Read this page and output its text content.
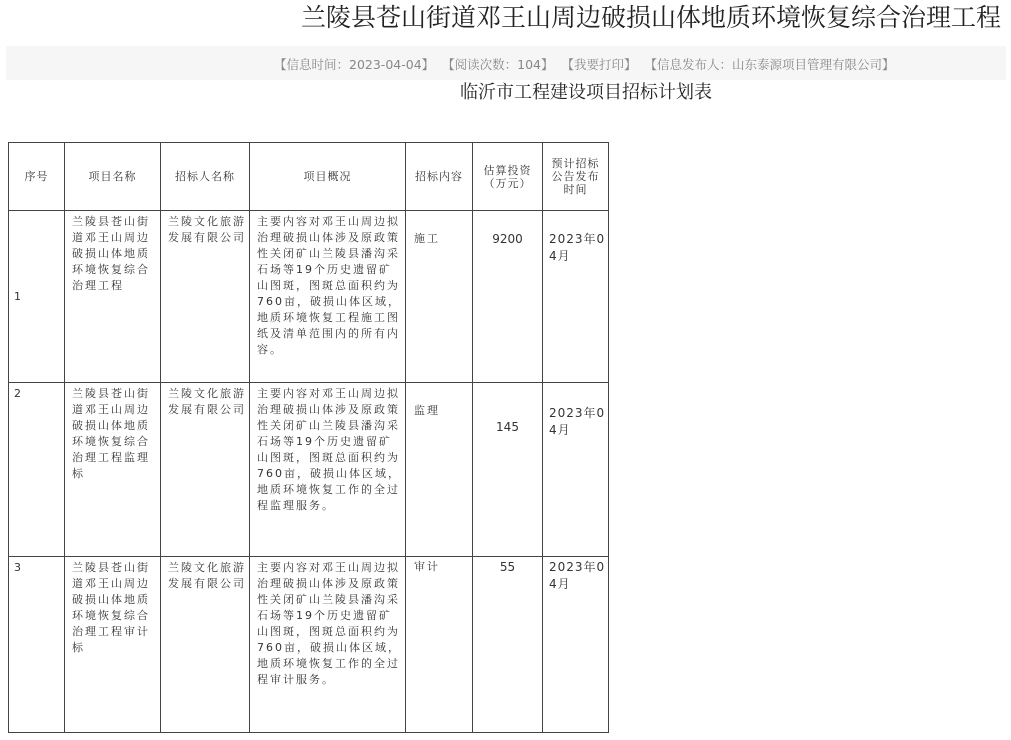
兰陵县苍山街道邓王山周边破损山体地质环境恢复综合治理工程
【信息时间：2023-04-04】 【阅读次数：104】 【我要打印】 【信息发布人：山东泰源项目管理有限公司】
临沂市工程建设项目招标计划表
序号	项目名称	招标人名称	项目概况	招标内容	估算投资（万元）	预计招标公告发布时间

1	兰陵县苍山街道邓王山周边破损山体地质环境恢复综合治理工程	兰陵文化旅游发展有限公司	主要内容对邓王山周边拟治理破损山体涉及原政策性关闭矿山兰陵县潘沟采石场等19个历史遗留矿山图斑，图斑总面积约为760亩，破损山体区域，地质环境恢复工程施工图纸及清单范围内的所有内容。	施工	9200	2023年04月

2	兰陵县苍山街道邓王山周边破损山体地质环境恢复综合治理工程监理标	兰陵文化旅游发展有限公司	主要内容对邓王山周边拟治理破损山体涉及原政策性关闭矿山兰陵县潘沟采石场等19个历史遗留矿山图斑，图斑总面积约为760亩，破损山体区域，地质环境恢复工作的全过程监理服务。	监理	145	2023年04月

3	兰陵县苍山街道邓王山周边破损山体地质环境恢复综合治理工程审计标	兰陵文化旅游发展有限公司	主要内容对邓王山周边拟治理破损山体涉及原政策性关闭矿山兰陵县潘沟采石场等19个历史遗留矿山图斑，图斑总面积约为760亩，破损山体区域，地质环境恢复工作的全过程审计服务。	审计	55	2023年04月
